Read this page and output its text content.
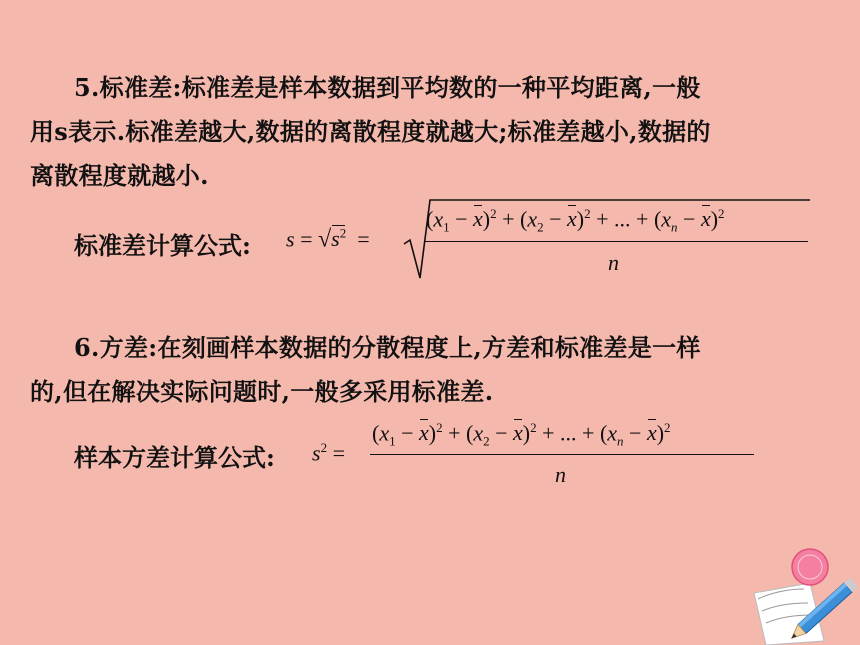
5.标准差:标准差是样本数据到平均数的一种平均距离,一般
用s表示.标准差越大,数据的离散程度就越大;标准差越小,数据的
离散程度就越小.
标准差计算公式: $s = √s^2$  =
$(x_1 - x)^2 + (x_2 - x)^2$ + ... + $(x_n - x)^2$
n
6.方差:在刻画样本数据的分散程度上,方差和标准差是一样
的,但在解决实际问题时,一般多采用标准差.
样本方差计算公式: $s^2$ =
$(x_1 - x)^2 + (x_2 - x)^2$ + ... + $(x_n - x)^2$
n
